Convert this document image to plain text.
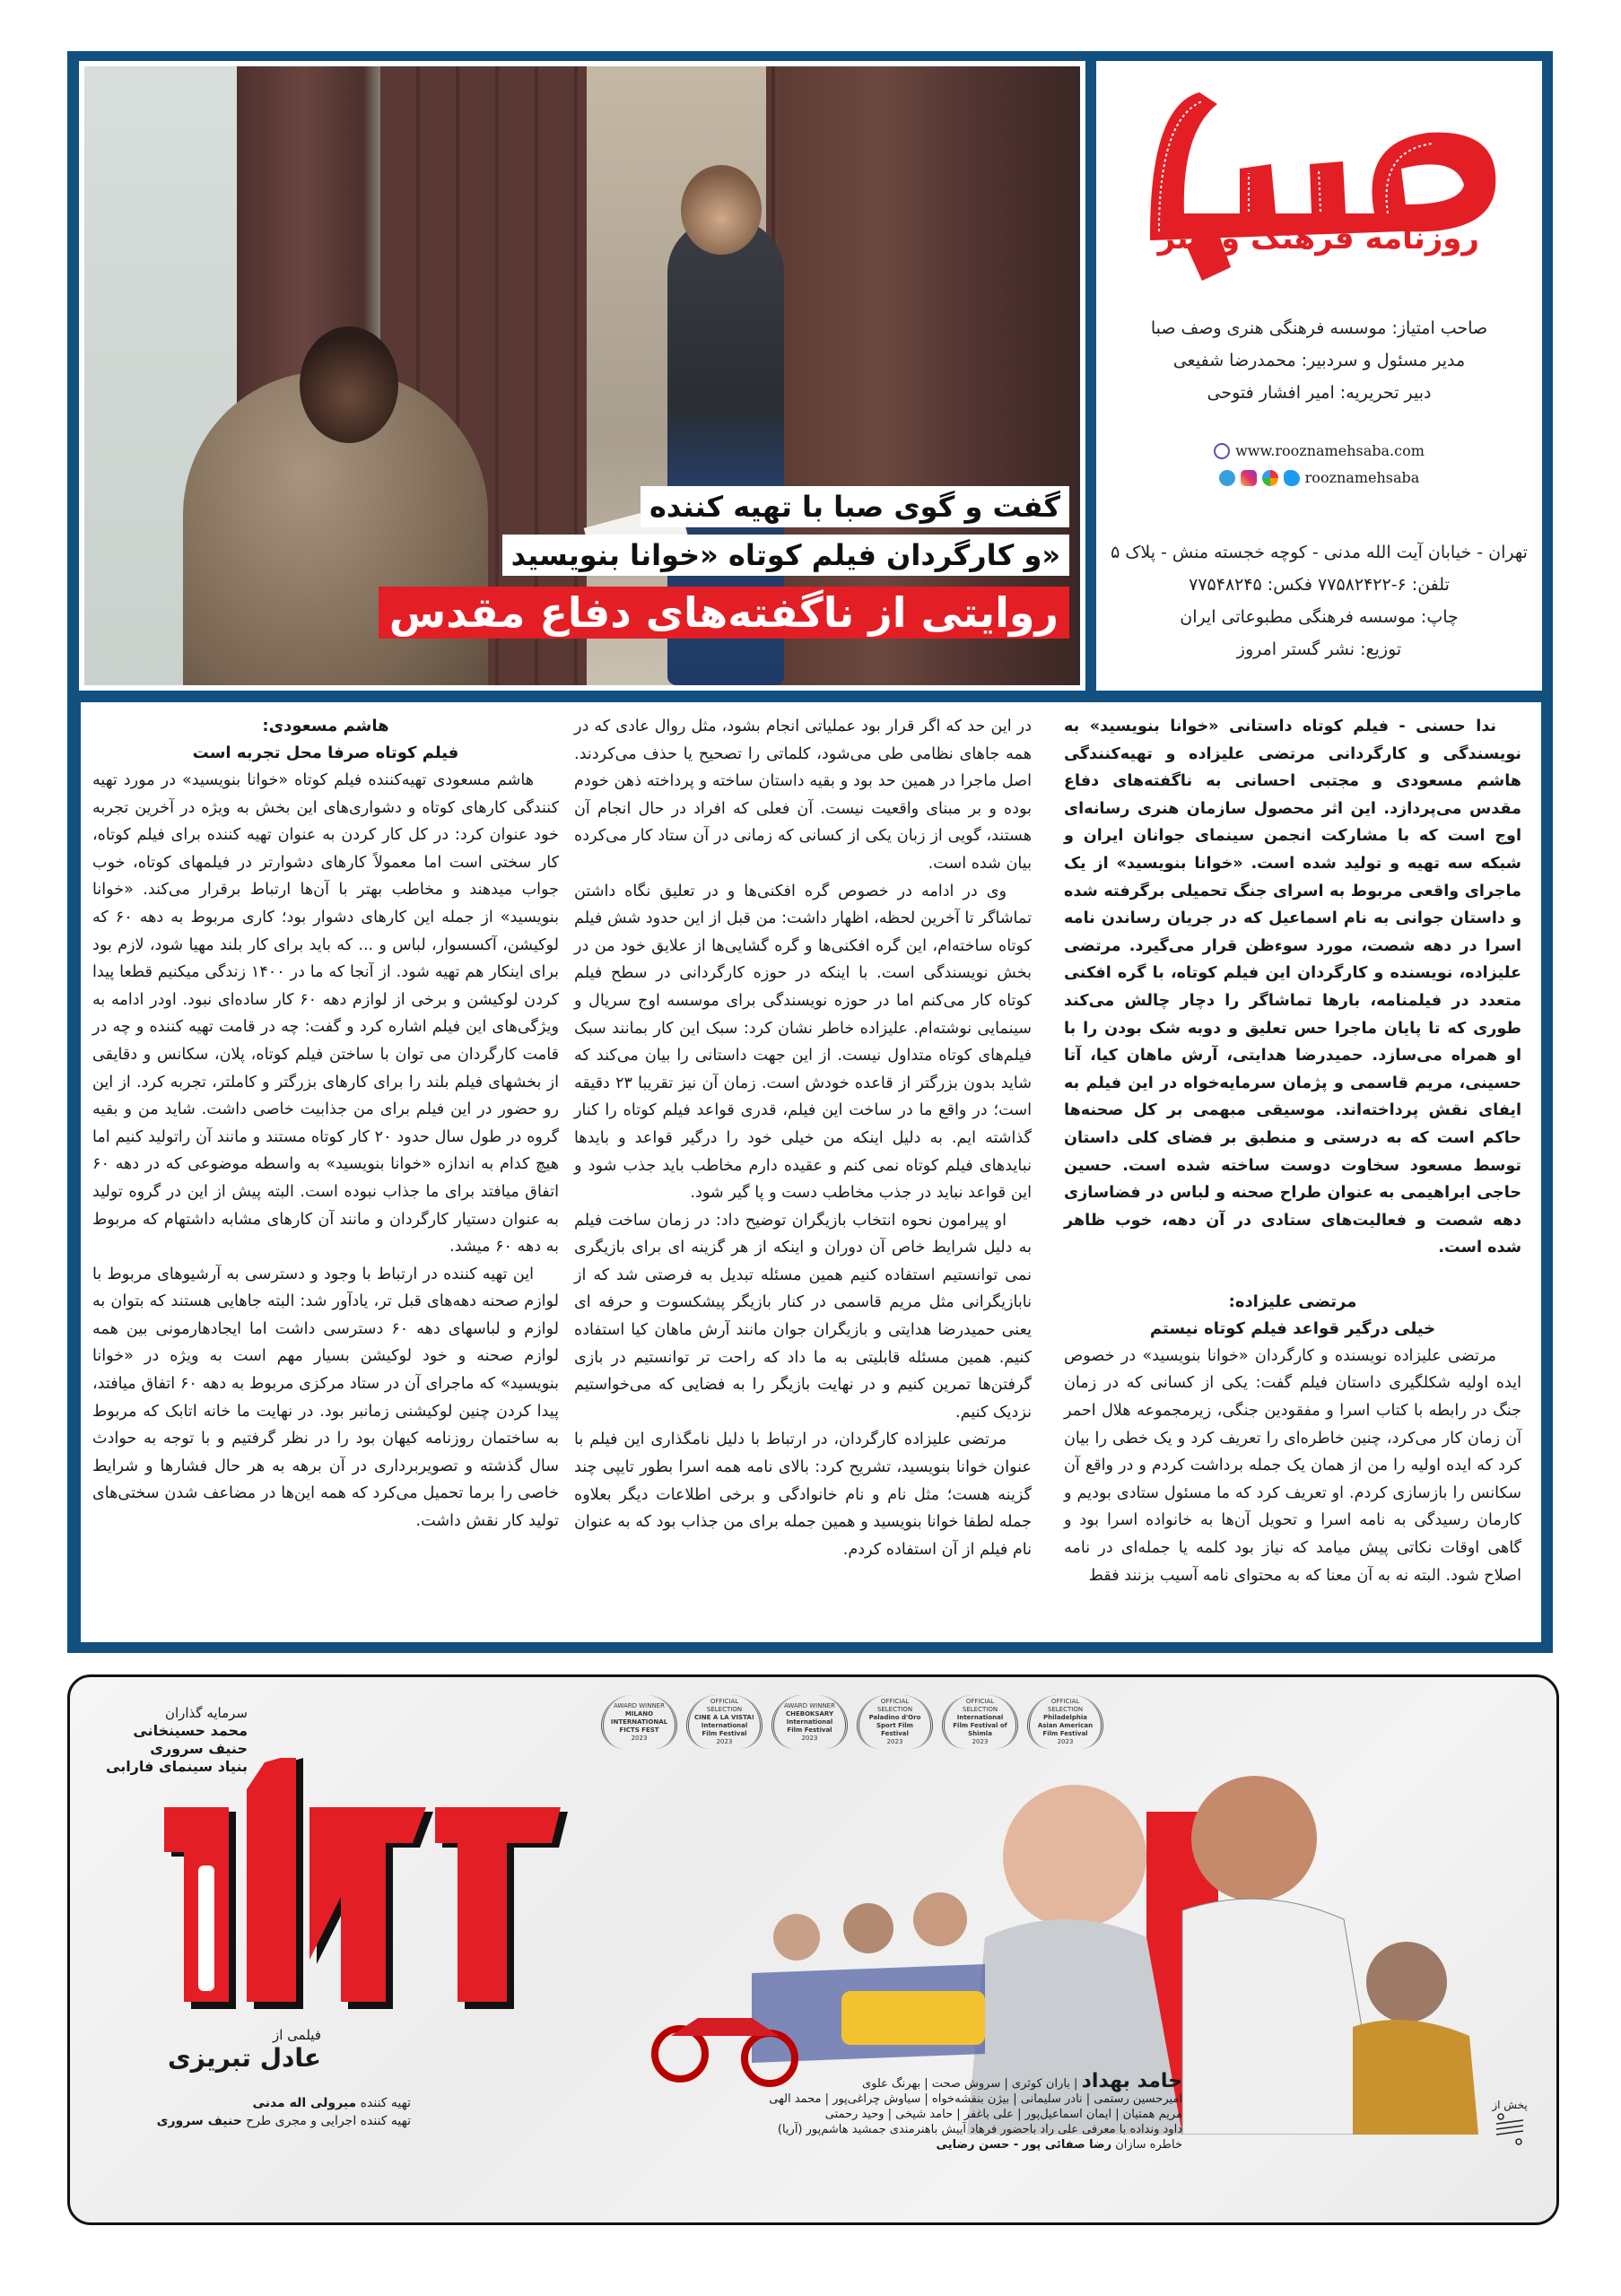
گفت و گوی صبا با تهیه کننده
و کارگردان فیلم کوتاه «خوانا بنویسید»
روایتی از ناگفته‌های دفاع مقدس
روزنامه فرهنگ و هنر
صاحب امتیاز: موسسه فرهنگی هنری وصف صبا
مدیر مسئول و سردبیر: محمدرضا شفیعی
دبیر تحریریه: امیر افشار فتوحی
www.rooznamehsaba.com
rooznamehsaba
تهران - خیابان آیت الله مدنی - کوچه خجسته منش - پلاک ۵
تلفن: ۶-۷۷۵۸۲۴۲۲ فکس: ۷۷۵۴۸۲۴۵
چاپ: موسسه فرهنگی مطبوعاتی ایران
توزیع: نشر گستر امروز

ندا حسنی - فیلم کوتاه داستانی «خوانا بنویسید» به نویسندگی و کارگردانی مرتضی علیزاده و تهیه‌کنندگی هاشم مسعودی و مجتبی احسانی به ناگفته‌های دفاع مقدس می‌پردازد. این اثر محصول سازمان هنری رسانه‌ای اوج است که با مشارکت انجمن سینمای جوانان ایران و شبکه سه تهیه و تولید شده است. «خوانا بنویسید» از یک ماجرای واقعی مربوط به اسرای جنگ تحمیلی برگرفته شده و داستان جوانی به نام اسماعیل که در جریان رساندن نامه اسرا در دهه شصت، مورد سوءظن قرار می‌گیرد. مرتضی علیزاده، نویسنده و کارگردان این فیلم کوتاه، با گره افکنی متعدد در فیلمنامه، بارها تماشاگر را دچار چالش می‌کند طوری که تا پایان ماجرا حس تعلیق و دوبه شک بودن را با او همراه می‌سازد. حمیدرضا هدایتی، آرش ماهان کیا، آتا حسینی، مریم قاسمی و پژمان سرمایه‌خواه در این فیلم به ایفای نقش پرداخته‌اند. موسیقی مبهمی بر کل صحنه‌ها حاکم است که به درستی و منطبق بر فضای کلی داستان توسط مسعود سخاوت دوست ساخته شده است. حسین حاجی ابراهیمی به عنوان طراح صحنه و لباس در فضاسازی دهه شصت و فعالیت‌های ستادی در آن دهه، خوب ظاهر شده است.

مرتضی علیزاده:

خیلی درگیر قواعد فیلم کوتاه نیستم

مرتضی علیزاده نویسنده و کارگردان «خوانا بنویسید» در خصوص ایده اولیه شکلگیری داستان فیلم گفت: یکی از کسانی که در زمان جنگ در رابطه با کتاب اسرا و مفقودین جنگی، زیرمجموعه هلال احمر آن زمان کار می‌کرد، چنین خاطره‌ای را تعریف کرد و یک خطی را بیان کرد که ایده اولیه را من از همان یک جمله برداشت کردم و در واقع آن سکانس را بازسازی کردم. او تعریف کرد که ما مسئول ستادی بودیم و کارمان رسیدگی به نامه اسرا و تحویل آن‌ها به خانواده اسرا بود و گاهی اوقات نکاتی پیش میامد که نیاز بود کلمه یا جمله‌ای در نامه اصلاح شود. البته نه به آن معنا که به محتوای نامه آسیب بزنند فقط

در این حد که اگر قرار بود عملیاتی انجام بشود، مثل روال عادی که در همه جاهای نظامی طی می‌شود، کلماتی را تصحیح یا حذف می‌کردند. اصل ماجرا در همین حد بود و بقیه داستان ساخته و پرداخته ذهن خودم بوده و بر مبنای واقعیت نیست. آن فعلی که افراد در حال انجام آن هستند، گویی از زبان یکی از کسانی که زمانی در آن ستاد کار می‌کرده بیان شده است.

وی در ادامه در خصوص گره افکنی‌ها و در تعلیق نگاه داشتن تماشاگر تا آخرین لحظه، اظهار داشت: من قبل از این حدود شش فیلم کوتاه ساخته‌ام، این گره افکنی‌ها و گره گشایی‌ها از علایق خود من در بخش نویسندگی است. با اینکه در حوزه کارگردانی در سطح فیلم کوتاه کار می‌کنم اما در حوزه نویسندگی برای موسسه اوج سریال و سینمایی نوشته‌ام. علیزاده خاطر نشان کرد: سبک این کار بمانند سبک فیلم‌های کوتاه متداول نیست. از این جهت داستانی را بیان می‌کند که شاید بدون بزرگتر از قاعده خودش است. زمان آن نیز تقریبا ۲۳ دقیقه است؛ در واقع ما در ساخت این فیلم، قدری قواعد فیلم کوتاه را کنار گذاشته ایم. به دلیل اینکه من خیلی خود را درگیر قواعد و بایدها نبایدهای فیلم کوتاه نمی کنم و عقیده دارم مخاطب باید جذب شود و این قواعد نباید در جذب مخاطب دست و پا گیر شود.

او پیرامون نحوه انتخاب بازیگران توضیح داد: در زمان ساخت فیلم به دلیل شرایط خاص آن دوران و اینکه از هر گزینه ای برای بازیگری نمی توانستیم استفاده کنیم همین مسئله تبدیل به فرصتی شد که از نابازیگرانی مثل مریم قاسمی در کنار بازیگر پیشکسوت و حرفه ای یعنی حمیدرضا هدایتی و بازیگران جوان مانند آرش ماهان کیا استفاده کنیم. همین مسئله قابلیتی به ما داد که راحت تر توانستیم در بازی گرفتن‌ها تمرین کنیم و در نهایت بازیگر را به فضایی که می‌خواستیم نزدیک کنیم.

مرتضی علیزاده کارگردان، در ارتباط با دلیل نامگذاری این فیلم با عنوان خوانا بنویسید، تشریح کرد: بالای نامه همه اسرا بطور تایپی چند گزینه هست؛ مثل نام و نام خانوادگی و برخی اطلاعات دیگر بعلاوه جمله لطفا خوانا بنویسید و همین جمله برای من جذاب بود که به عنوان نام فیلم از آن استفاده کردم.

هاشم مسعودی:

فیلم کوتاه صرفا محل تجربه است

هاشم مسعودی تهیه‌کننده فیلم کوتاه «خوانا بنویسید» در مورد تهیه کنندگی کارهای کوتاه و دشواری‌های این بخش به ویژه در آخرین تجربه خود عنوان کرد: در کل کار کردن به عنوان تهیه کننده برای فیلم کوتاه، کار سختی است اما معمولاً کارهای دشوارتر در فیلمهای کوتاه، خوب جواب میدهند و مخاطب بهتر با آن‌ها ارتباط برقرار می‌کند. «خوانا بنویسید» از جمله این کارهای دشوار بود؛ کاری مربوط به دهه ۶۰ که لوکیشن، آکسسوار، لباس و ... که باید برای کار بلند مهیا شود، لازم بود برای اینکار هم تهیه شود. از آنجا که ما در ۱۴۰۰ زندگی میکنیم قطعا پیدا کردن لوکیشن و برخی از لوازم دهه ۶۰ کار ساده‌ای نبود. اودر ادامه به ویژگی‌های این فیلم اشاره کرد و گفت: چه در قامت تهیه کننده و چه در قامت کارگردان می توان با ساختن فیلم کوتاه، پلان، سکانس و دقایقی از بخشهای فیلم بلند را برای کارهای بزرگتر و کاملتر، تجربه کرد. از این رو حضور در این فیلم برای من جذابیت خاصی داشت. شاید من و بقیه گروه در طول سال حدود ۲۰ کار کوتاه مستند و مانند آن راتولید کنیم اما هیچ کدام به اندازه «خوانا بنویسید» به واسطه موضوعی که در دهه ۶۰ اتفاق میافتد برای ما جذاب نبوده است. البته پیش از این در گروه تولید به عنوان دستیار کارگردان و مانند آن کارهای مشابه داشتهام که مربوط به دهه ۶۰ میشد.

این تهیه کننده در ارتباط با وجود و دسترسی به آرشیوهای مربوط با لوازم صحنه دهه‌های قبل تر، یادآور شد: البته جاهایی هستند که بتوان به لوازم و لباسهای دهه ۶۰ دسترسی داشت اما ایجادهارمونی بین همه لوازم صحنه و خود لوکیشن بسیار مهم است به ویژه در «خوانا بنویسید» که ماجرای آن در ستاد مرکزی مربوط به دهه ۶۰ اتفاق میافتد، پیدا کردن چنین لوکیشنی زمانبر بود. در نهایت ما خانه اتابک که مربوط به ساختمان روزنامه کیهان بود را در نظر گرفتیم و با توجه به حوادث سال گذشته و تصویربرداری در آن برهه به هر حال فشارها و شرایط خاصی را برما تحمیل می‌کرد که همه این‌ها در مضاعف شدن سختی‌های تولید کار نقش داشت.

سرمایه گذاران
محمد حسینخانی
حنیف سروری
بنیاد سینمای فارابی
AWARD WINNER
MILANO INTERNATIONAL FICTS FEST
2023
OFFICIAL SELECTION
CINE A LA VISTA! International Film Festival
2023
AWARD WINNER
CHEBOKSARY International Film Festival
2023
OFFICIAL SELECTION
Paladino d'Oro Sport Film Festival
2023
OFFICIAL SELECTION
International Film Festival of Shimla
2023
OFFICIAL SELECTION
Philadelphia Asian American Film Festival
2023
فیلمی از
عادل تبریزی
تهیه کننده میرولی اله مدنی
تهیه کننده اجرایی و مجری طرح حنیف سروری
حامد بهداد | باران کوثری | سروش صحت | بهرنگ علوی
امیرحسین رستمی | نادر سلیمانی | بیژن بنفشه‌خواه | سیاوش چراغی‌پور | محمد الهی
مریم همتیان | ایمان اسماعیل‌پور | علی باغفر | حامد شیخی | وحید رحمتی
داود ونداده با معرفی علی راد باحضور فرهاد آییش باهنرمندی جمشید هاشم‌پور (آریا)
خاطره سازان رضا صفائی پور - حسن رضایی
پخش از
